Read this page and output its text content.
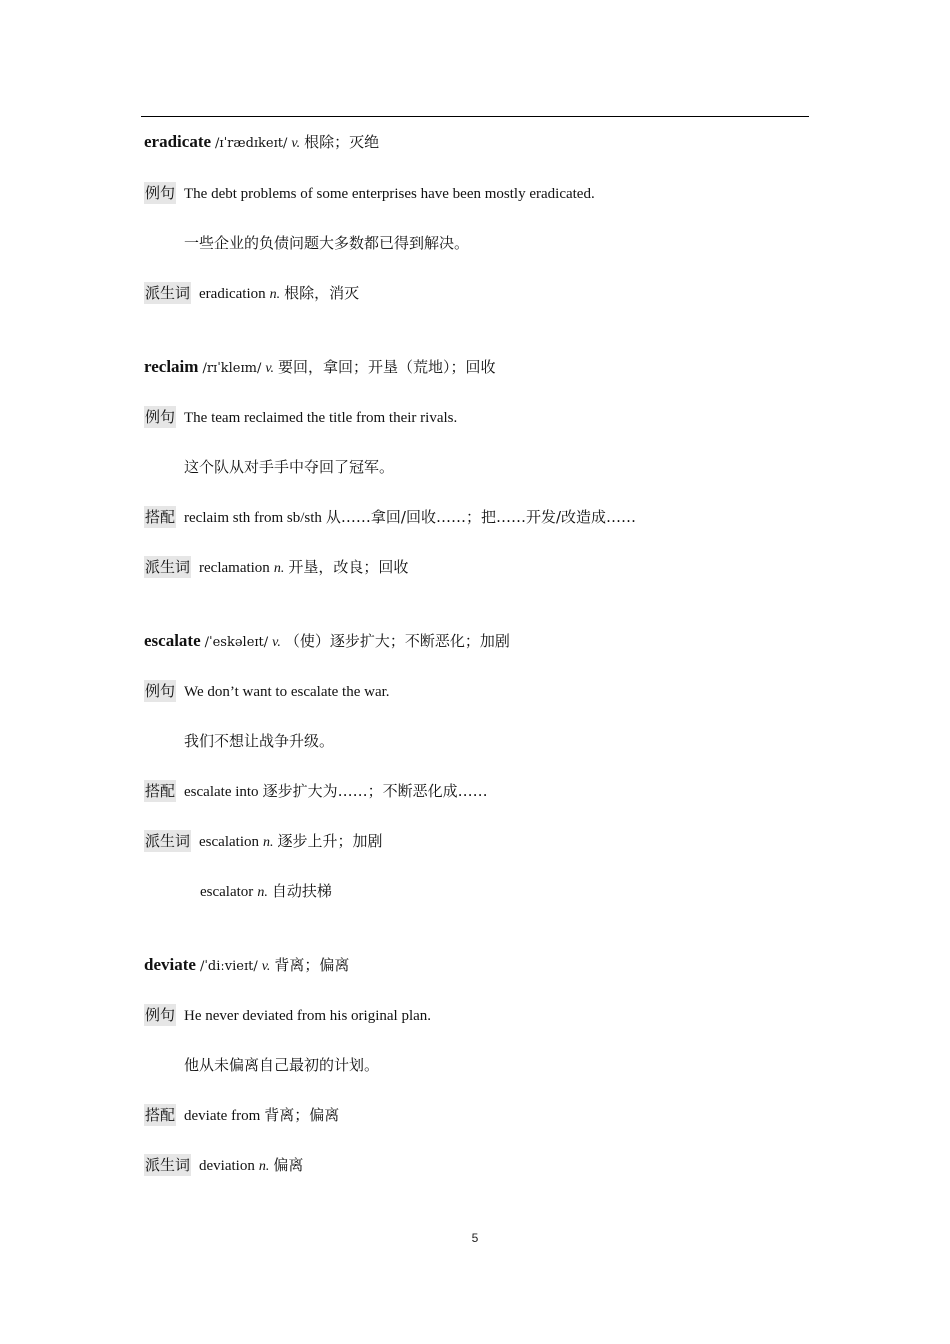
eradicate /ɪˈrædɪkeɪt/ v. 根除；灭绝
例句 The debt problems of some enterprises have been mostly eradicated.
一些企业的负债问题大多数都已得到解决。
派生词 eradication n. 根除，消灭
reclaim /rɪˈkleɪm/ v. 要回，拿回；开垦（荒地）；回收
例句 The team reclaimed the title from their rivals.
这个队从对手手中夺回了冠军。
搭配 reclaim sth from sb/sth 从……拿回/回收……；把……开发/改造成……
派生词 reclamation n. 开垦，改良；回收
escalate /ˈeskəleɪt/ v. （使）逐步扩大；不断恶化；加剧
例句 We don’t want to escalate the war.
我们不想让战争升级。
搭配 escalate into 逐步扩大为……；不断恶化成……
派生词 escalation n. 逐步上升；加剧
escalator n. 自动扶梯
deviate /ˈdiːvieɪt/ v. 背离；偏离
例句 He never deviated from his original plan.
他从未偏离自己最初的计划。
搭配 deviate from 背离；偏离
派生词 deviation n. 偏离
5
